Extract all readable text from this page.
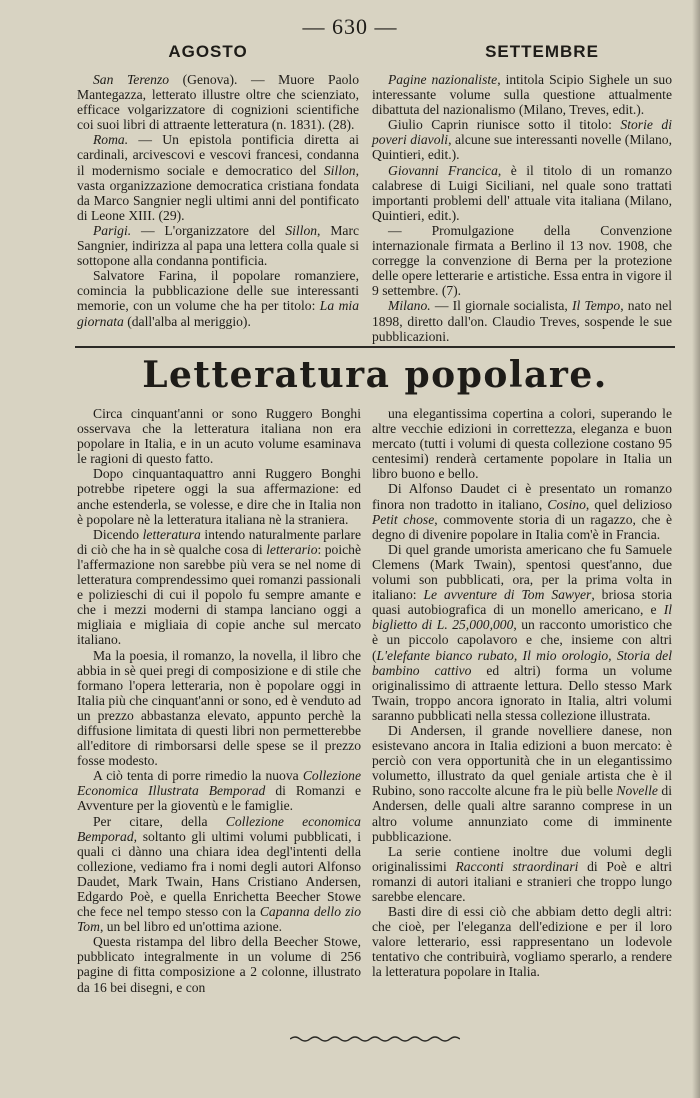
— 630 —
AGOSTO	SETTEMBRE

San Terenzo (Genova). — Muore Paolo Mantegazza, letterato illustre oltre che scienziato, efficace volgarizzatore di cognizioni scientifiche coi suoi libri di attraente letteratura (n. 1831). (28).

Roma. — Un epistola pontificia diretta ai cardinali, arcivescovi e vescovi francesi, condanna il modernismo sociale e democratico del Sillon, vasta organizzazione democratica cristiana fondata da Marco Sangnier negli ultimi anni del pontificato di Leone XIII. (29).

Parigi. — L'organizzatore del Sillon, Marc Sangnier, indirizza al papa una lettera colla quale si sottopone alla condanna pontificia.

Salvatore Farina, il popolare romanziere, comincia la pubblicazione delle sue interessanti memorie, con un volume che ha per titolo: La mia giornata (dall'alba al meriggio).

Pagine nazionaliste, intitola Scipio Sighele un suo interessante volume sulla questione attualmente dibattuta del nazionalismo (Milano, Treves, edit.).

Giulio Caprin riunisce sotto il titolo: Storie di poveri diavoli, alcune sue interessanti novelle (Milano, Quintieri, edit.).

Giovanni Francica, è il titolo di un romanzo calabrese di Luigi Siciliani, nel quale sono trattati importanti problemi dell' attuale vita italiana (Milano, Quintieri, edit.).

— Promulgazione della Convenzione internazionale firmata a Berlino il 13 nov. 1908, che corregge la convenzione di Berna per la protezione delle opere letterarie e artistiche. Essa entra in vigore il 9 settembre. (7).

Milano. — Il giornale socialista, Il Tempo, nato nel 1898, diretto dall'on. Claudio Treves, sospende le sue pubblicazioni.

Letteratura popolare.

Circa cinquant'anni or sono Ruggero Bonghi osservava che la letteratura italiana non era popolare in Italia, e in un acuto volume esaminava le ragioni di questo fatto.

Dopo cinquantaquattro anni Ruggero Bonghi potrebbe ripetere oggi la sua affermazione: ed anche estenderla, se volesse, e dire che in Italia non è popolare nè la letteratura italiana nè la straniera.

Dicendo letteratura intendo naturalmente parlare di ciò che ha in sè qualche cosa di letterario: poichè l'affermazione non sarebbe più vera se nel nome di letteratura comprendessimo quei romanzi passionali e polizieschi di cui il popolo fu sempre amante e che i mezzi moderni di stampa lanciano oggi a migliaia e migliaia di copie anche sul mercato italiano.

Ma la poesia, il romanzo, la novella, il libro che abbia in sè quei pregi di composizione e di stile che formano l'opera letteraria, non è popolare oggi in Italia più che cinquant'anni or sono, ed è venduto ad un prezzo abbastanza elevato, appunto perchè la diffusione limitata di questi libri non permetterebbe all'editore di rimborsarsi delle spese se il prezzo fosse modesto.

A ciò tenta di porre rimedio la nuova Collezione Economica Illustrata Bemporad di Romanzi e Avventure per la gioventù e le famiglie.

Per citare, della Collezione economica Bemporad, soltanto gli ultimi volumi pubblicati, i quali ci dànno una chiara idea degl'intenti della collezione, vediamo fra i nomi degli autori Alfonso Daudet, Mark Twain, Hans Cristiano Andersen, Edgardo Poè, e quella Enrichetta Beecher Stowe che fece nel tempo stesso con la Capanna dello zio Tom, un bel libro ed un'ottima azione.

Questa ristampa del libro della Beecher Stowe, pubblicato integralmente in un volume di 256 pagine di fitta composizione a 2 colonne, illustrato da 16 bei disegni, e con

una elegantissima copertina a colori, superando le altre vecchie edizioni in correttezza, eleganza e buon mercato (tutti i volumi di questa collezione costano 95 centesimi) renderà certamente popolare in Italia un libro buono e bello.

Di Alfonso Daudet ci è presentato un romanzo finora non tradotto in italiano, Cosino, quel delizioso Petit chose, commovente storia di un ragazzo, che è degno di divenire popolare in Italia com'è in Francia.

Di quel grande umorista americano che fu Samuele Clemens (Mark Twain), spentosi quest'anno, due volumi son pubblicati, ora, per la prima volta in italiano: Le avventure di Tom Sawyer, briosa storia quasi autobiografica di un monello americano, e Il biglietto di L. 25,000,000, un racconto umoristico che è un piccolo capolavoro e che, insieme con altri (L'elefante bianco rubato, Il mio orologio, Storia del bambino cattivo ed altri) forma un volume originalissimo di attraente lettura. Dello stesso Mark Twain, troppo ancora ignorato in Italia, altri volumi saranno pubblicati nella stessa collezione illustrata.

Di Andersen, il grande novelliere danese, non esistevano ancora in Italia edizioni a buon mercato: è perciò con vera opportunità che in un elegantissimo volumetto, illustrato da quel geniale artista che è il Rubino, sono raccolte alcune fra le più belle Novelle di Andersen, delle quali altre saranno comprese in un altro volume annunziato come di imminente pubblicazione.

La serie contiene inoltre due volumi degli originalissimi Racconti straordinari di Poè e altri romanzi di autori italiani e stranieri che troppo lungo sarebbe elencare.

Basti dire di essi ciò che abbiam detto degli altri: che cioè, per l'eleganza dell'edizione e per il loro valore letterario, essi rappresentano un lodevole tentativo che contribuirà, vogliamo sperarlo, a rendere la letteratura popolare in Italia.
